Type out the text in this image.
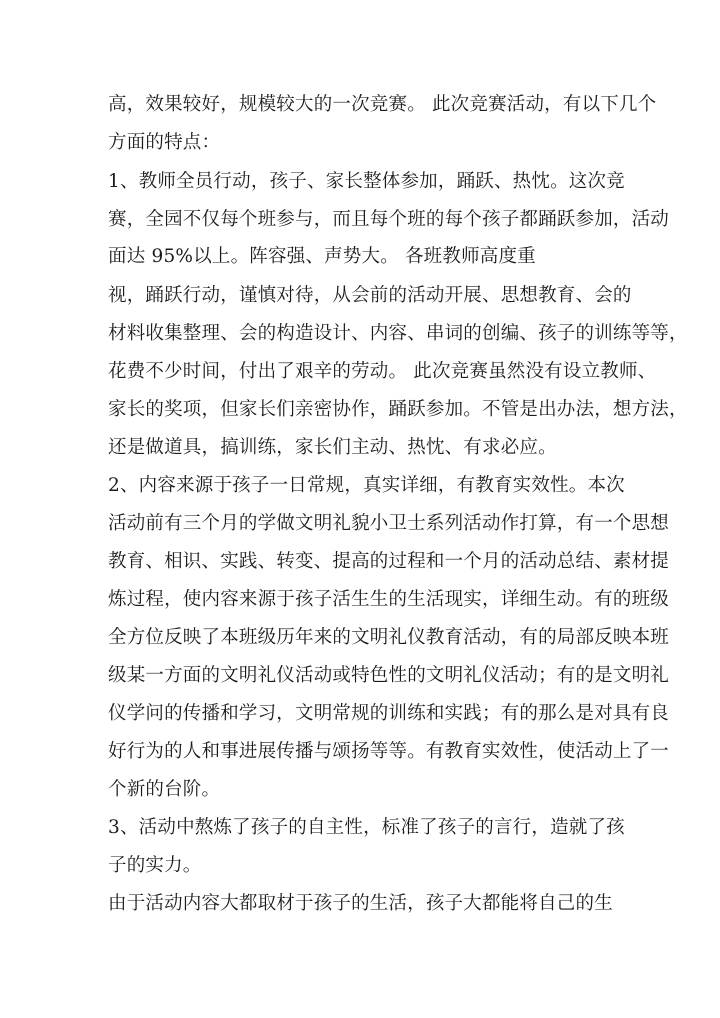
高，效果较好，规模较大的一次竞赛。 此次竞赛活动，有以下几个
方面的特点：
1、教师全员行动，孩子、家长整体参加，踊跃、热忱。这次竞
赛，全园不仅每个班参与，而且每个班的每个孩子都踊跃参加，活动
面达 95%以上。阵容强、声势大。 各班教师高度重
视，踊跃行动，谨慎对待，从会前的活动开展、思想教育、会的
材料收集整理、会的构造设计、内容、串词的创编、孩子的训练等等，
花费不少时间，付出了艰辛的劳动。 此次竞赛虽然没有设立教师、
家长的奖项，但家长们亲密协作，踊跃参加。不管是出办法，想方法，
还是做道具，搞训练，家长们主动、热忱、有求必应。
2、内容来源于孩子一日常规，真实详细，有教育实效性。本次
活动前有三个月的学做文明礼貌小卫士系列活动作打算，有一个思想
教育、相识、实践、转变、提高的过程和一个月的活动总结、素材提
炼过程，使内容来源于孩子活生生的生活现实，详细生动。有的班级
全方位反映了本班级历年来的文明礼仪教育活动，有的局部反映本班
级某一方面的文明礼仪活动或特色性的文明礼仪活动；有的是文明礼
仪学问的传播和学习，文明常规的训练和实践；有的那么是对具有良
好行为的人和事进展传播与颂扬等等。有教育实效性，使活动上了一
个新的台阶。
3、活动中熬炼了孩子的自主性，标准了孩子的言行，造就了孩
子的实力。
由于活动内容大都取材于孩子的生活，孩子大都能将自己的生
